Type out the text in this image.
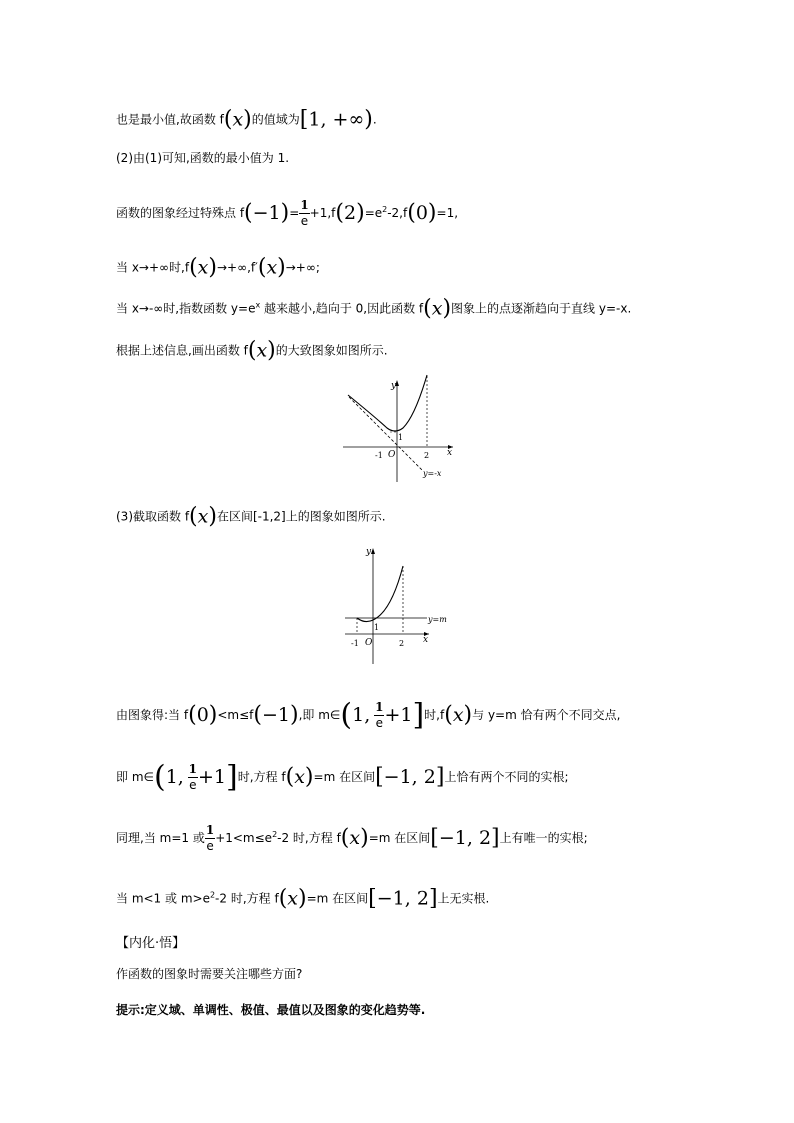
也是最小值,故函数 f(x)的值域为[1, +∞).
(2)由(1)可知,函数的最小值为 1.
函数的图象经过特殊点 $f(-1)= \frac{1}{e} +1,f(2)=e^2-2,f(0)=1$,
当 x→+∞时,f(x)→+∞,f′(x)→+∞;
当 x→-∞时,指数函数 $y=e^x$ 越来越小,趋向于 0,因此函数 f(x)图象上的点逐渐趋向于直线 y=-x.
根据上述信息,画出函数 f(x)的大致图象如图所示.
x
y
O
-1	2
1
y=-x
(3)截取函数 f(x)在区间[-1,2]上的图象如图所示.
x
y
O
-1	2
1
y=m
由图象得:当 f(0)<m≤f(−1),即 m∈(1, $\frac{1}{e} +1$]时,f(x)与 y=m 恰有两个不同交点,
即 m∈(1, $\frac{1}{e} +1$]时,方程 f(x)=m 在区间[−1, 2]上恰有两个不同的实根;
同理,当 m=1 或 $\frac{1}{e} +1<m\le e^2-2$ 时,方程 f(x)=m 在区间[−1, 2]上有唯一的实根;
当 m<1 或 $m>e^2-2$ 时,方程 f(x)=m 在区间[−1, 2]上无实根.
【内化·悟】
作函数的图象时需要关注哪些方面?
提示:定义域、单调性、极值、最值以及图象的变化趋势等.
